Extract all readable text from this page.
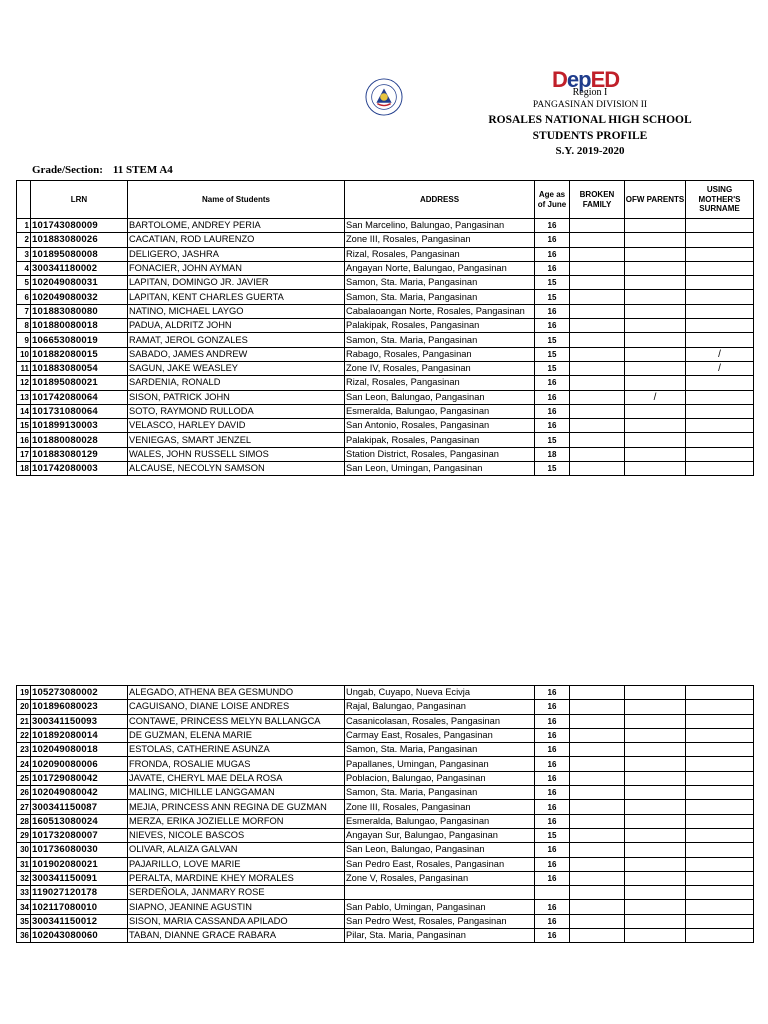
DepED
Region I
PANGASINAN DIVISION II
ROSALES NATIONAL HIGH SCHOOL
STUDENTS PROFILE
S.Y. 2019-2020
Grade/Section: 11 STEM A4
	LRN	Name of Students	ADDRESS	Age as of June	BROKEN FAMILY	OFW PARENTS	USING MOTHER'S SURNAME
1	101743080009	BARTOLOME, ANDREY PERIA	San Marcelino, Balungao, Pangasinan	16			
2	101883080026	CACATIAN, ROD LAURENZO	Zone III, Rosales, Pangasinan	16			
3	101895080008	DELIGERO, JASHRA	Rizal, Rosales, Pangasinan	16			
4	300341180002	FONACIER, JOHN AYMAN	Angayan Norte, Balungao, Pangasinan	16			
5	102049080031	LAPITAN, DOMINGO JR. JAVIER	Samon, Sta. Maria, Pangasinan	15			
6	102049080032	LAPITAN, KENT CHARLES GUERTA	Samon, Sta. Maria, Pangasinan	15			
7	101883080080	NATINO, MICHAEL LAYGO	Cabalaoangan Norte, Rosales, Pangasinan	16			
8	101880080018	PADUA, ALDRITZ JOHN	Palakipak, Rosales, Pangasinan	16			
9	106653080019	RAMAT, JEROL GONZALES	Samon, Sta. Maria, Pangasinan	15			
10	101882080015	SABADO, JAMES ANDREW	Rabago, Rosales, Pangasinan	15			/
11	101883080054	SAGUN, JAKE WEASLEY	Zone IV, Rosales, Pangasinan	15			/
12	101895080021	SARDENIA, RONALD	Rizal, Rosales, Pangasinan	16			
13	101742080064	SISON, PATRICK JOHN	San Leon, Balungao, Pangasinan	16		/	
14	101731080064	SOTO, RAYMOND RULLODA	Esmeralda, Balungao, Pangasinan	16			
15	101899130003	VELASCO, HARLEY DAVID	San Antonio, Rosales, Pangasinan	16			
16	101880080028	VENIEGAS, SMART JENZEL	Palakipak, Rosales, Pangasinan	15			
17	101883080129	WALES, JOHN RUSSELL SIMOS	Station District, Rosales, Pangasinan	18			
18	101742080003	ALCAUSE, NECOLYN SAMSON	San Leon, Umingan, Pangasinan	15			
19	105273080002	ALEGADO, ATHENA BEA GESMUNDO	Ungab, Cuyapo, Nueva Ecivja	16			
20	101896080023	CAGUISANO, DIANE LOISE ANDRES	Rajal, Balungao, Pangasinan	16			
21	300341150093	CONTAWE, PRINCESS MELYN BALLANGCA	Casanicolasan, Rosales, Pangasinan	16			
22	101892080014	DE GUZMAN, ELENA MARIE	Carmay East, Rosales, Pangasinan	16			
23	102049080018	ESTOLAS, CATHERINE ASUNZA	Samon, Sta. Maria, Pangasinan	16			
24	102090080006	FRONDA, ROSALIE MUGAS	Papallanes, Umingan, Pangasinan	16			
25	101729080042	JAVATE, CHERYL MAE DELA ROSA	Poblacion, Balungao, Pangasinan	16			
26	102049080042	MALING, MICHILLE LANGGAMAN	Samon, Sta. Maria, Pangasinan	16			
27	300341150087	MEJIA, PRINCESS ANN REGINA DE GUZMAN	Zone III, Rosales, Pangasinan	16			
28	160513080024	MERZA, ERIKA JOZIELLE MORFON	Esmeralda, Balungao, Pangasinan	16			
29	101732080007	NIEVES, NICOLE BASCOS	Angayan Sur, Balungao, Pangasinan	15			
30	101736080030	OLIVAR, ALAIZA GALVAN	San Leon, Balungao, Pangasinan	16			
31	101902080021	PAJARILLO, LOVE MARIE	San Pedro East, Rosales, Pangasinan	16			
32	300341150091	PERALTA, MARDINE KHEY MORALES	Zone V, Rosales, Pangasinan	16			
33	119027120178	SERDEÑOLA, JANMARY ROSE					
34	102117080010	SIAPNO, JEANINE AGUSTIN	San Pablo, Umingan, Pangasinan	16			
35	300341150012	SISON, MARIA CASSANDA APILADO	San Pedro West, Rosales, Pangasinan	16			
36	102043080060	TABAN, DIANNE GRACE RABARA	Pilar, Sta. Maria, Pangasinan	16			
